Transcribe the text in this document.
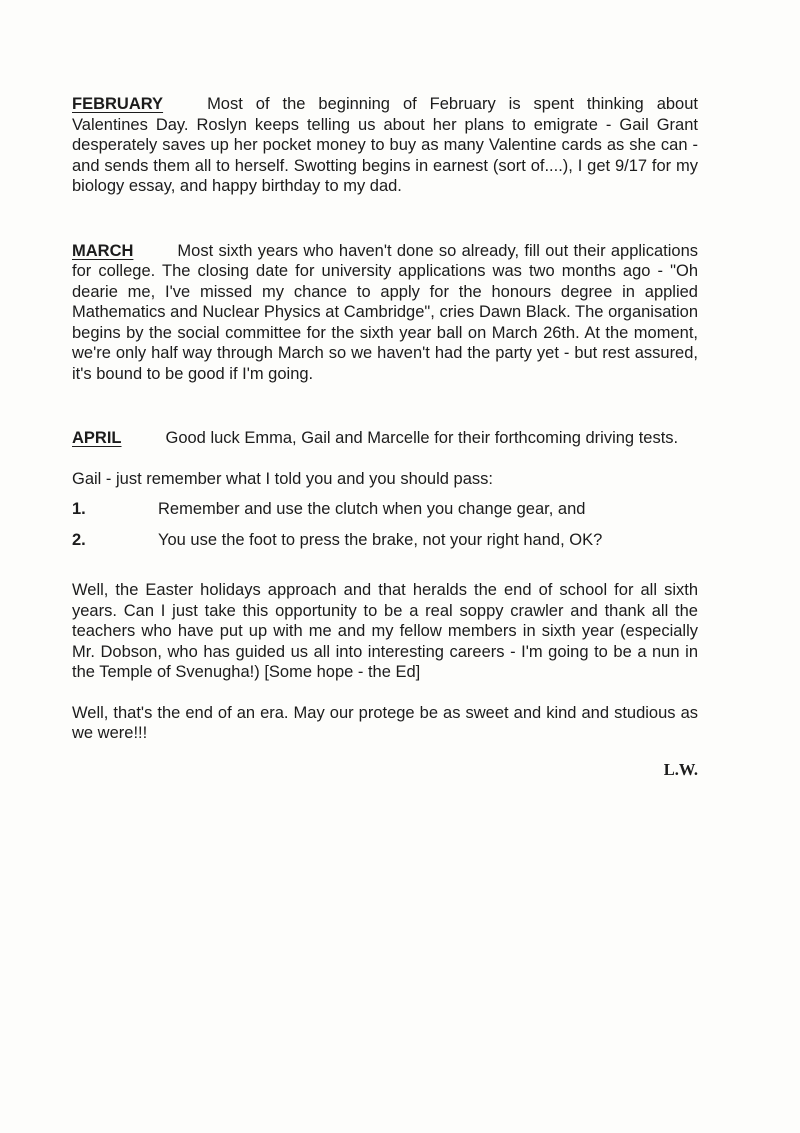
FEBRUARY	Most of the beginning of February is spent thinking about Valentines Day. Roslyn keeps telling us about her plans to emigrate - Gail Grant desperately saves up her pocket money to buy as many Valentine cards as she can - and sends them all to herself. Swotting begins in earnest (sort of....), I get 9/17 for my biology essay, and happy birthday to my dad.
MARCH	Most sixth years who haven't done so already, fill out their applications for college. The closing date for university applications was two months ago - "Oh dearie me, I've missed my chance to apply for the honours degree in applied Mathematics and Nuclear Physics at Cambridge", cries Dawn Black. The organisation begins by the social committee for the sixth year ball on March 26th. At the moment, we're only half way through March so we haven't had the party yet - but rest assured, it's bound to be good if I'm going.
APRIL	Good luck Emma, Gail and Marcelle for their forthcoming driving tests.
Gail - just remember what I told you and you should pass:
1.	Remember and use the clutch when you change gear, and
2.	You use the foot to press the brake, not your right hand, OK?
Well, the Easter holidays approach and that heralds the end of school for all sixth years. Can I just take this opportunity to be a real soppy crawler and thank all the teachers who have put up with me and my fellow members in sixth year (especially Mr. Dobson, who has guided us all into interesting careers - I'm going to be a nun in the Temple of Svenugha!) [Some hope - the Ed]
Well, that's the end of an era. May our protege be as sweet and kind and studious as we were!!!
L.W.
